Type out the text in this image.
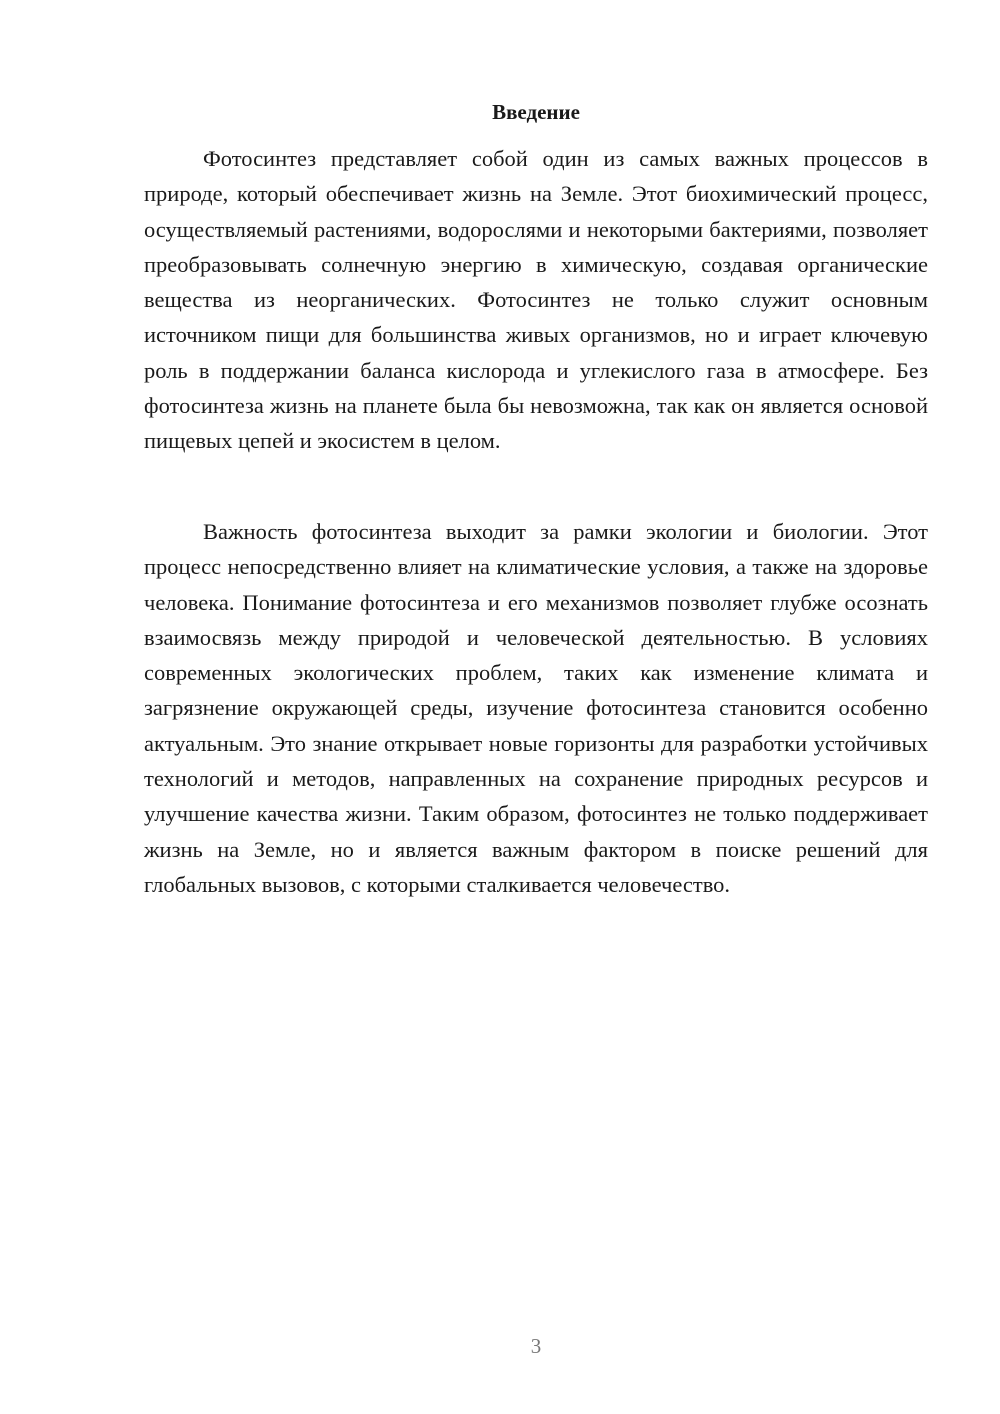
Введение

Фотосинтез представляет собой один из самых важных процессов в природе, который обеспечивает жизнь на Земле. Этот биохимический процесс, осуществляемый растениями, водорослями и некоторыми бактериями, позволяет преобразовывать солнечную энергию в химическую, создавая органические вещества из неорганических. Фотосинтез не только служит основным источником пищи для большинства живых организмов, но и играет ключевую роль в поддержании баланса кислорода и углекислого газа в атмосфере. Без фотосинтеза жизнь на планете была бы невозможна, так как он является основой пищевых цепей и экосистем в целом.

Важность фотосинтеза выходит за рамки экологии и биологии. Этот процесс непосредственно влияет на климатические условия, а также на здоровье человека. Понимание фотосинтеза и его механизмов позволяет глубже осознать взаимосвязь между природой и человеческой деятельностью. В условиях современных экологических проблем, таких как изменение климата и загрязнение окружающей среды, изучение фотосинтеза становится особенно актуальным. Это знание открывает новые горизонты для разработки устойчивых технологий и методов, направленных на сохранение природных ресурсов и улучшение качества жизни. Таким образом, фотосинтез не только поддерживает жизнь на Земле, но и является важным фактором в поиске решений для глобальных вызовов, с которыми сталкивается человечество.

3
